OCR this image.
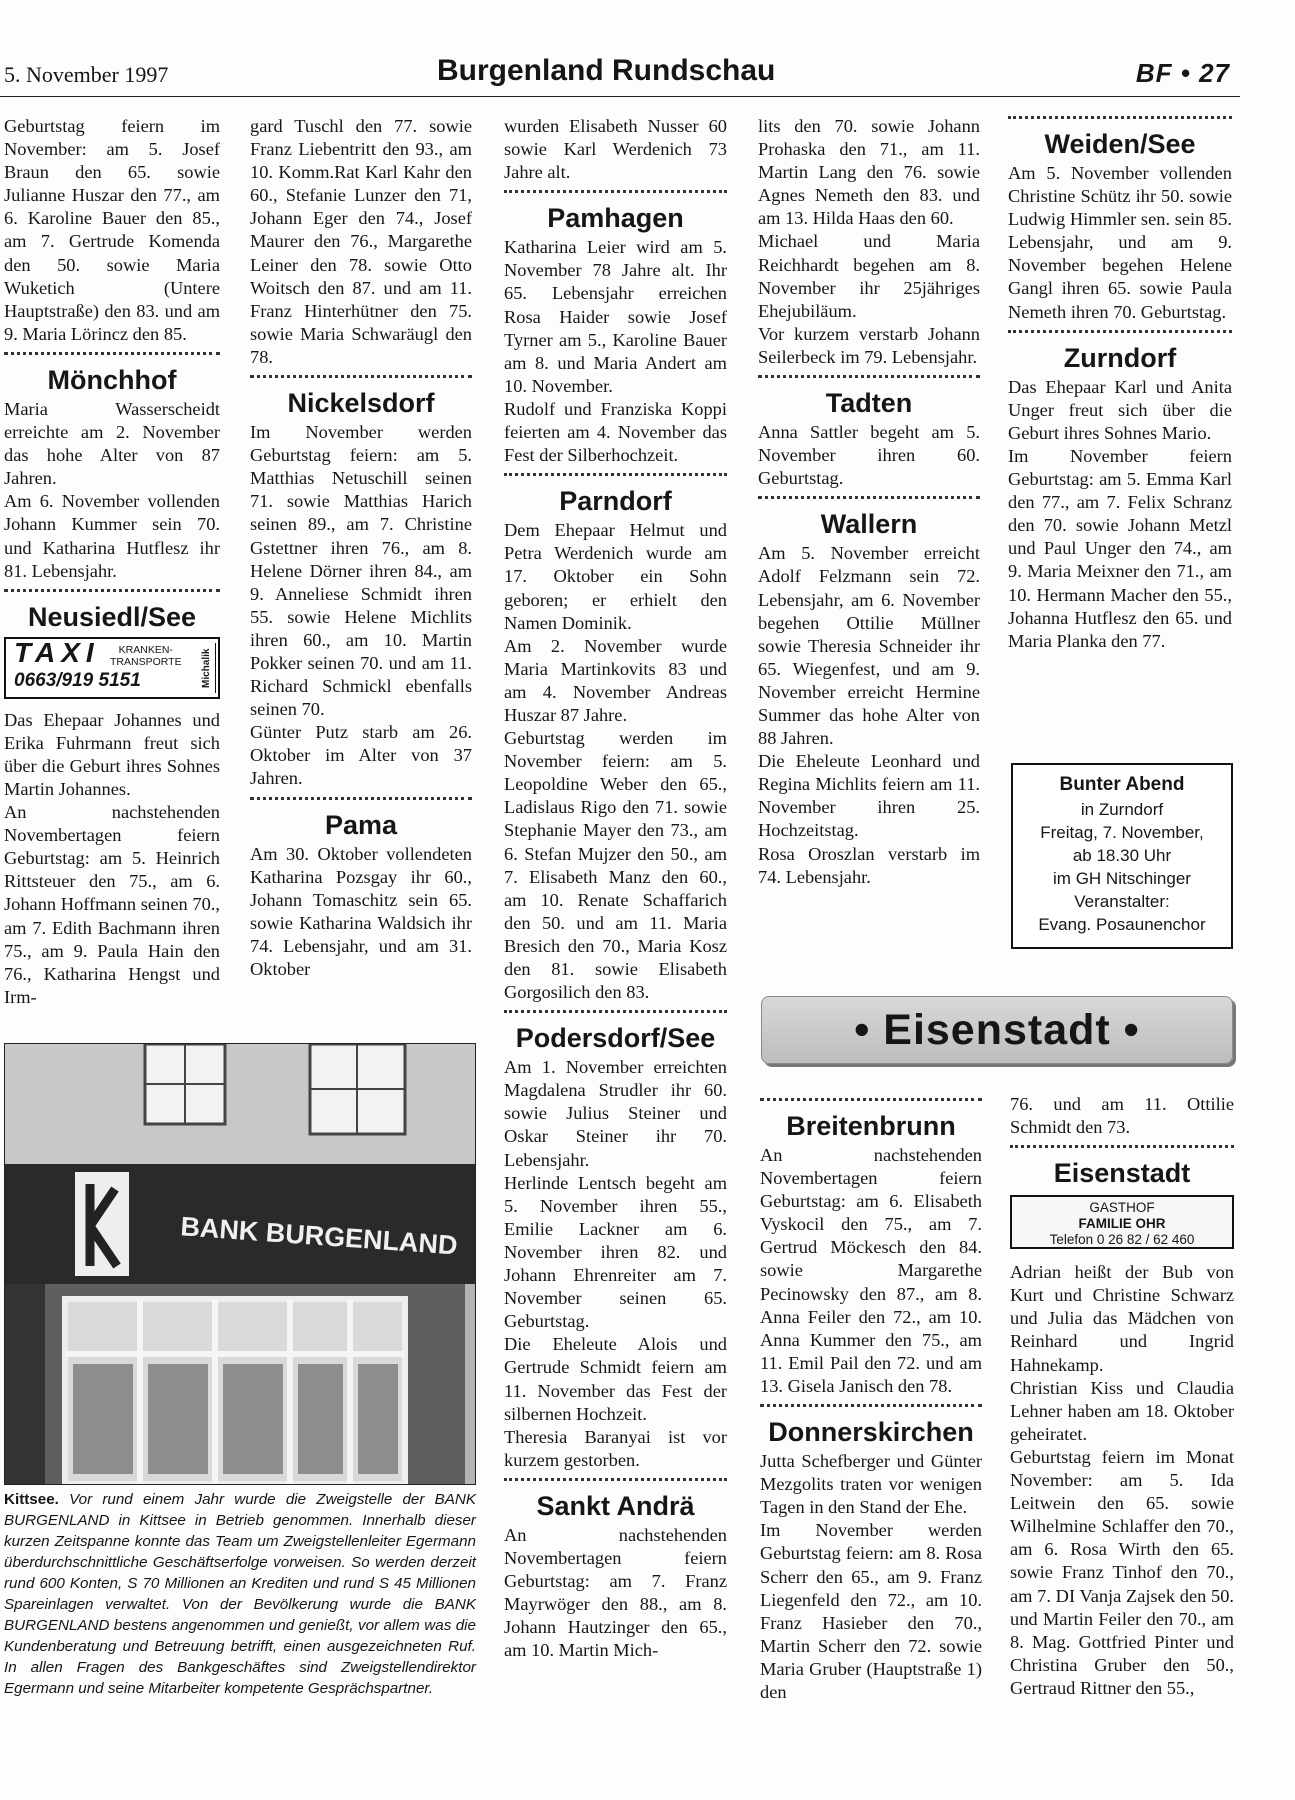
5. November 1997	Burgenland Rundschau	BF • 27

Geburtstag feiern im November: am 5. Josef Braun den 65. sowie Julianne Huszar den 77., am 6. Karoline Bauer den 85., am 7. Gertrude Komenda den 50. sowie Maria Wuketich (Untere Hauptstraße) den 83. und am 9. Maria Lörincz den 85.

Mönchhof

Maria Wasserscheidt erreichte am 2. November das hohe Alter von 87 Jahren.

Am 6. November vollenden Johann Kummer sein 70. und Katharina Hutflesz ihr 81. Lebensjahr.

Neusiedl/See
TAXI	KRANKEN-
TRANSPORTE
0663/919 5151	Michalik

Das Ehepaar Johannes und Erika Fuhrmann freut sich über die Geburt ihres Sohnes Martin Johannes.

An nachstehenden Novembertagen feiern Geburtstag: am 5. Heinrich Rittsteuer den 75., am 6. Johann Hoffmann seinen 70., am 7. Edith Bachmann ihren 75., am 9. Paula Hain den 76., Katharina Hengst und Irm-

gard Tuschl den 77. sowie Franz Liebentritt den 93., am 10. Komm.Rat Karl Kahr den 60., Stefanie Lunzer den 71, Johann Eger den 74., Josef Maurer den 76., Margarethe Leiner den 78. sowie Otto Woitsch den 87. und am 11. Franz Hinterhütner den 75. sowie Maria Schwaräugl den 78.

Nickelsdorf

Im November werden Geburtstag feiern: am 5. Matthias Netuschill seinen 71. sowie Matthias Harich seinen 89., am 7. Christine Gstettner ihren 76., am 8. Helene Dörner ihren 84., am 9. Anneliese Schmidt ihren 55. sowie Helene Michlits ihren 60., am 10. Martin Pokker seinen 70. und am 11. Richard Schmickl ebenfalls seinen 70.

Günter Putz starb am 26. Oktober im Alter von 37 Jahren.

Pama

Am 30. Oktober vollendeten Katharina Pozsgay ihr 60., Johann Tomaschitz sein 65. sowie Katharina Waldsich ihr 74. Lebensjahr, und am 31. Oktober

BANK BURGENLAND
Kittsee. Vor rund einem Jahr wurde die Zweigstelle der BANK BURGENLAND in Kittsee in Betrieb genommen. Innerhalb dieser kurzen Zeitspanne konnte das Team um Zweigstellenleiter Egermann überdurchschnittliche Geschäftserfolge vorweisen. So werden derzeit rund 600 Konten, S 70 Millionen an Krediten und rund S 45 Millionen Spareinlagen verwaltet. Von der Bevölkerung wurde die BANK BURGENLAND bestens angenommen und genießt, vor allem was die Kundenberatung und Betreuung betrifft, einen ausgezeichneten Ruf. In allen Fragen des Bankgeschäftes sind Zweigstellendirektor Egermann und seine Mitarbeiter kompetente Gesprächspartner.

wurden Elisabeth Nusser 60 sowie Karl Werdenich 73 Jahre alt.

Pamhagen

Katharina Leier wird am 5. November 78 Jahre alt. Ihr 65. Lebensjahr erreichen Rosa Haider sowie Josef Tyrner am 5., Karoline Bauer am 8. und Maria Andert am 10. November.

Rudolf und Franziska Koppi feierten am 4. November das Fest der Silberhochzeit.

Parndorf

Dem Ehepaar Helmut und Petra Werdenich wurde am 17. Oktober ein Sohn geboren; er erhielt den Namen Dominik.

Am 2. November wurde Maria Martinkovits 83 und am 4. November Andreas Huszar 87 Jahre.

Geburtstag werden im November feiern: am 5. Leopoldine Weber den 65., Ladislaus Rigo den 71. sowie Stephanie Mayer den 73., am 6. Stefan Mujzer den 50., am 7. Elisabeth Manz den 60., am 10. Renate Schaffarich den 50. und am 11. Maria Bresich den 70., Maria Kosz den 81. sowie Elisabeth Gorgosilich den 83.

Podersdorf/See

Am 1. November erreichten Magdalena Strudler ihr 60. sowie Julius Steiner und Oskar Steiner ihr 70. Lebensjahr.

Herlinde Lentsch begeht am 5. November ihren 55., Emilie Lackner am 6. November ihren 82. und Johann Ehrenreiter am 7. November seinen 65. Geburtstag.

Die Eheleute Alois und Gertrude Schmidt feiern am 11. November das Fest der silbernen Hochzeit.

Theresia Baranyai ist vor kurzem gestorben.

Sankt Andrä

An nachstehenden Novembertagen feiern Geburtstag: am 7. Franz Mayrwöger den 88., am 8. Johann Hautzinger den 65., am 10. Martin Mich-

lits den 70. sowie Johann Prohaska den 71., am 11. Martin Lang den 76. sowie Agnes Nemeth den 83. und am 13. Hilda Haas den 60.

Michael und Maria Reichhardt begehen am 8. November ihr 25jähriges Ehejubiläum.

Vor kurzem verstarb Johann Seilerbeck im 79. Lebensjahr.

Tadten

Anna Sattler begeht am 5. November ihren 60. Geburtstag.

Wallern

Am 5. November erreicht Adolf Felzmann sein 72. Lebensjahr, am 6. November begehen Ottilie Müllner sowie Theresia Schneider ihr 65. Wiegenfest, und am 9. November erreicht Hermine Summer das hohe Alter von 88 Jahren.

Die Eheleute Leonhard und Regina Michlits feiern am 11. November ihren 25. Hochzeitstag.

Rosa Oroszlan verstarb im 74. Lebensjahr.

Weiden/See

Am 5. November vollenden Christine Schütz ihr 50. sowie Ludwig Himmler sen. sein 85. Lebensjahr, und am 9. November begehen Helene Gangl ihren 65. sowie Paula Nemeth ihren 70. Geburtstag.

Zurndorf

Das Ehepaar Karl und Anita Unger freut sich über die Geburt ihres Sohnes Mario.

Im November feiern Geburtstag: am 5. Emma Karl den 77., am 7. Felix Schranz den 70. sowie Johann Metzl und Paul Unger den 74., am 9. Maria Meixner den 71., am 10. Hermann Macher den 55., Johanna Hutflesz den 65. und Maria Planka den 77.

Bunter Abend
in Zurndorf
Freitag, 7. November,
ab 18.30 Uhr
im GH Nitschinger
Veranstalter:
Evang. Posaunenchor
• Eisenstadt •
Breitenbrunn

An nachstehenden Novembertagen feiern Geburtstag: am 6. Elisabeth Vyskocil den 75., am 7. Gertrud Möckesch den 84. sowie Margarethe Pecinowsky den 87., am 8. Anna Feiler den 72., am 10. Anna Kummer den 75., am 11. Emil Pail den 72. und am 13. Gisela Janisch den 78.

Donnerskirchen

Jutta Schefberger und Günter Mezgolits traten vor wenigen Tagen in den Stand der Ehe.

Im November werden Geburtstag feiern: am 8. Rosa Scherr den 65., am 9. Franz Liegenfeld den 72., am 10. Franz Hasieber den 70., Martin Scherr den 72. sowie Maria Gruber (Hauptstraße 1) den

76. und am 11. Ottilie Schmidt den 73.

Eisenstadt
GASTHOF
FAMILIE OHR
Telefon 0 26 82 / 62 460

Adrian heißt der Bub von Kurt und Christine Schwarz und Julia das Mädchen von Reinhard und Ingrid Hahnekamp.

Christian Kiss und Claudia Lehner haben am 18. Oktober geheiratet.

Geburtstag feiern im Monat November: am 5. Ida Leitwein den 65. sowie Wilhelmine Schlaffer den 70., am 6. Rosa Wirth den 65. sowie Franz Tinhof den 70., am 7. DI Vanja Zajsek den 50. und Martin Feiler den 70., am 8. Mag. Gottfried Pinter und Christina Gruber den 50., Gertraud Rittner den 55.,
